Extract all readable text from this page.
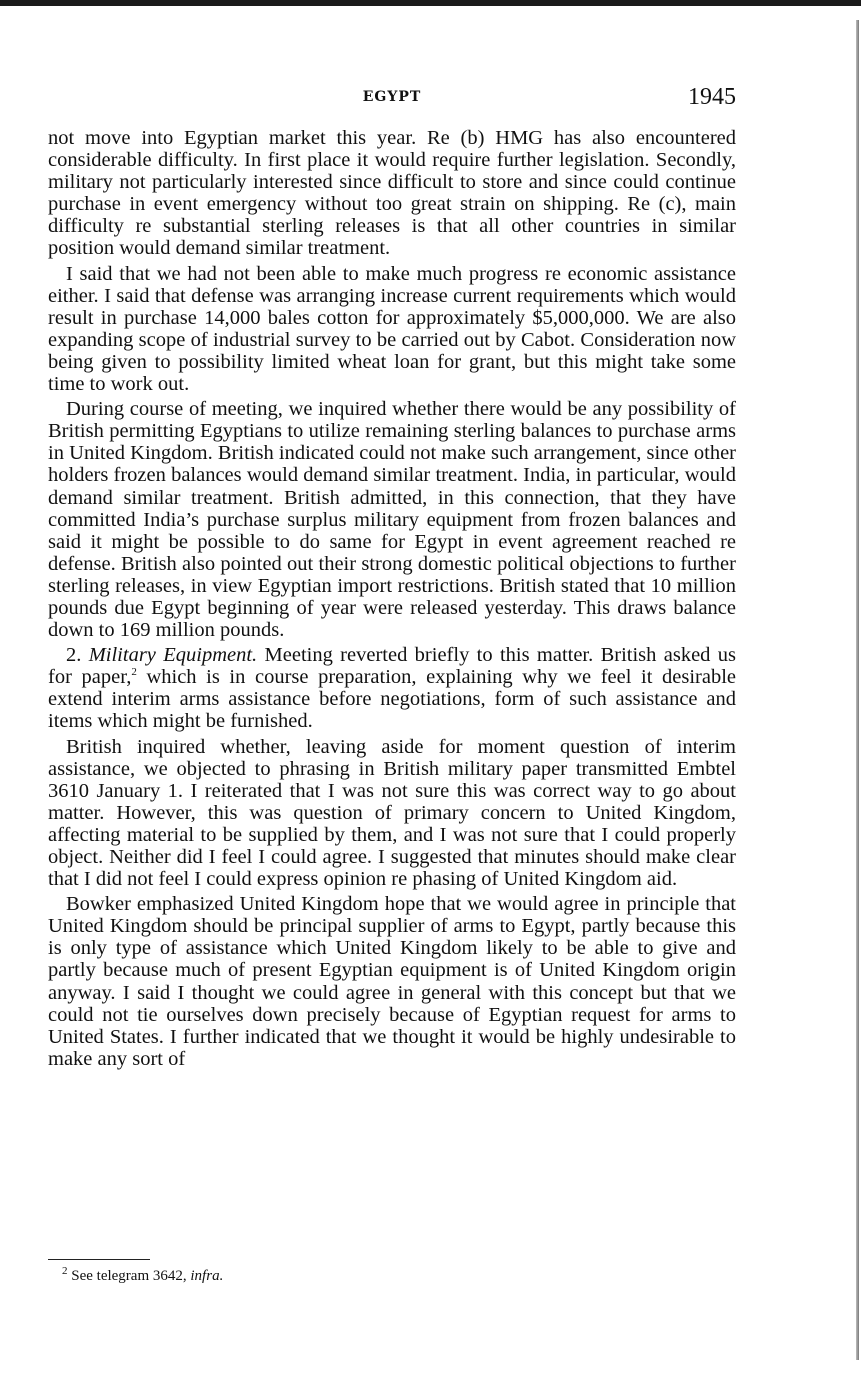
EGYPT	1945

not move into Egyptian market this year. Re (b) HMG has also encountered considerable difficulty. In first place it would require further legislation. Secondly, military not particularly interested since difficult to store and since could continue purchase in event emergency without too great strain on shipping. Re (c), main difficulty re substantial sterling releases is that all other countries in similar position would demand similar treatment.

I said that we had not been able to make much progress re economic assistance either. I said that defense was arranging increase current requirements which would result in purchase 14,000 bales cotton for approximately $5,000,000. We are also expanding scope of industrial survey to be carried out by Cabot. Consideration now being given to possibility limited wheat loan for grant, but this might take some time to work out.

During course of meeting, we inquired whether there would be any possibility of British permitting Egyptians to utilize remaining sterling balances to purchase arms in United Kingdom. British indicated could not make such arrangement, since other holders frozen balances would demand similar treatment. India, in particular, would demand similar treatment. British admitted, in this connection, that they have committed India’s purchase surplus military equipment from frozen balances and said it might be possible to do same for Egypt in event agreement reached re defense. British also pointed out their strong domestic political objections to further sterling releases, in view Egyptian import restrictions. British stated that 10 million pounds due Egypt beginning of year were released yesterday. This draws balance down to 169 million pounds.

2. Military Equipment. Meeting reverted briefly to this matter. British asked us for paper,$^2$ which is in course preparation, explaining why we feel it desirable extend interim arms assistance before negotiations, form of such assistance and items which might be furnished.

British inquired whether, leaving aside for moment question of interim assistance, we objected to phrasing in British military paper transmitted Embtel 3610 January 1. I reiterated that I was not sure this was correct way to go about matter. However, this was question of primary concern to United Kingdom, affecting material to be supplied by them, and I was not sure that I could properly object. Neither did I feel I could agree. I suggested that minutes should make clear that I did not feel I could express opinion re phasing of United Kingdom aid.

Bowker emphasized United Kingdom hope that we would agree in principle that United Kingdom should be principal supplier of arms to Egypt, partly because this is only type of assistance which United Kingdom likely to be able to give and partly because much of present Egyptian equipment is of United Kingdom origin anyway. I said I thought we could agree in general with this concept but that we could not tie ourselves down precisely because of Egyptian request for arms to United States. I further indicated that we thought it would be highly undesirable to make any sort of

$^2$ See telegram 3642, infra.
